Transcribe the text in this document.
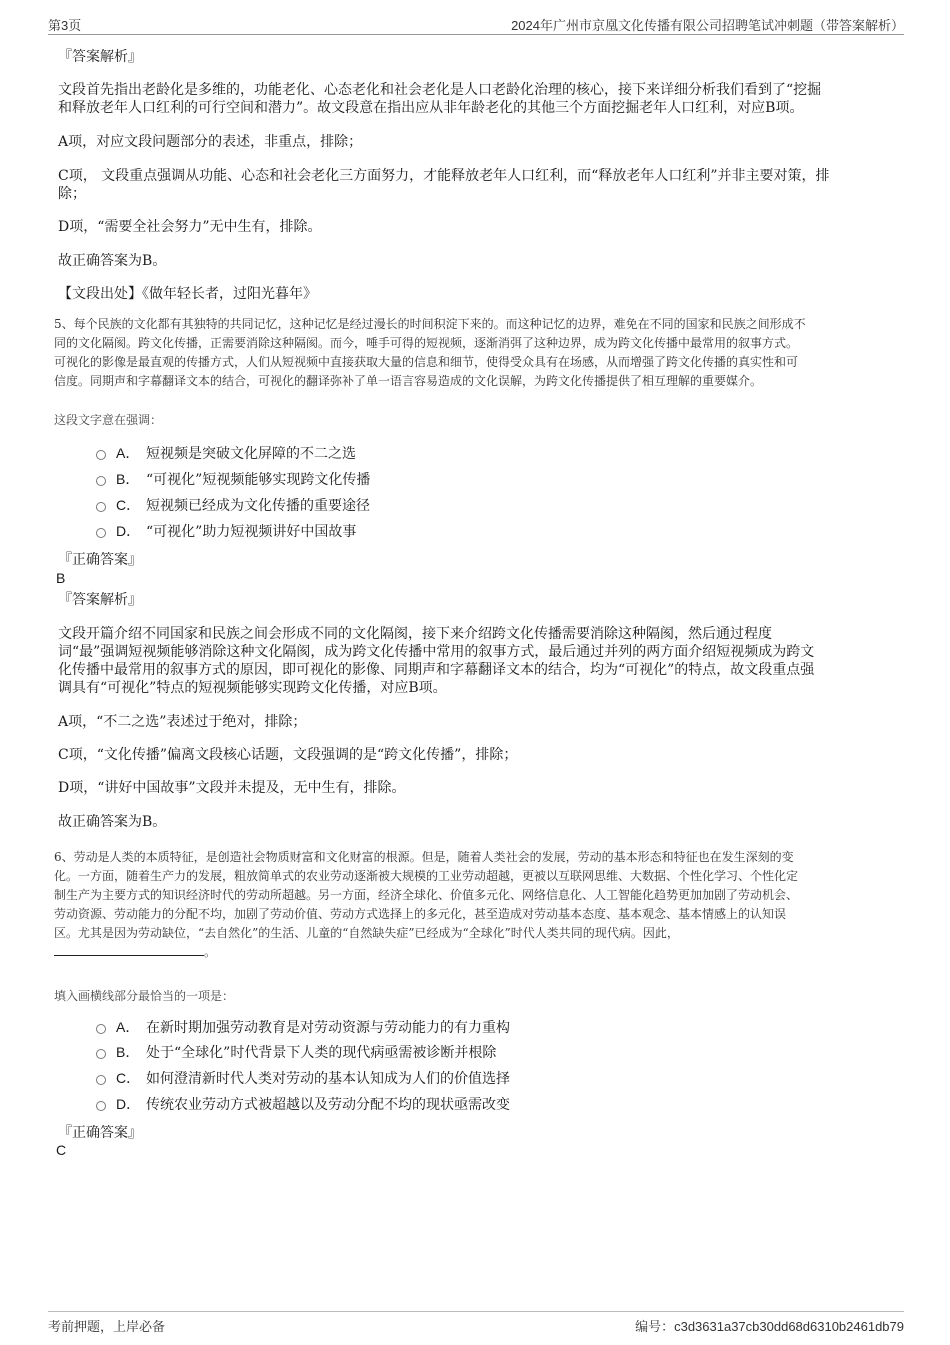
第3页	2024年广州市京凰文化传播有限公司招聘笔试冲刺题（带答案解析）
『答案解析』
文段首先指出老龄化是多维的，功能老化、心态老化和社会老化是人口老龄化治理的核心，接下来详细分析我们看到了“挖掘
和释放老年人口红利的可行空间和潜力”。故文段意在指出应从非年龄老化的其他三个方面挖掘老年人口红利，对应B项。
A项，对应文段问题部分的表述，非重点，排除；
C项， 文段重点强调从功能、心态和社会老化三方面努力，才能释放老年人口红利，而“释放老年人口红利”并非主要对策，排
除；
D项，“需要全社会努力”无中生有，排除。
故正确答案为B。
【文段出处】《做年轻长者，过阳光暮年》
5、每个民族的文化都有其独特的共同记忆，这种记忆是经过漫长的时间积淀下来的。而这种记忆的边界，难免在不同的国家和民族之间形成不
同的文化隔阂。跨文化传播，正需要消除这种隔阂。而今，唾手可得的短视频，逐渐消弭了这种边界，成为跨文化传播中最常用的叙事方式。
可视化的影像是最直观的传播方式，人们从短视频中直接获取大量的信息和细节，使得受众具有在场感，从而增强了跨文化传播的真实性和可
信度。同期声和字幕翻译文本的结合，可视化的翻译弥补了单一语言容易造成的文化误解，为跨文化传播提供了相互理解的重要媒介。
这段文字意在强调：
A． 短视频是突破文化屏障的不二之选
B． “可视化”短视频能够实现跨文化传播
C． 短视频已经成为文化传播的重要途径
D． “可视化”助力短视频讲好中国故事
『正确答案』
B
『答案解析』
文段开篇介绍不同国家和民族之间会形成不同的文化隔阂，接下来介绍跨文化传播需要消除这种隔阂，然后通过程度
词“最”强调短视频能够消除这种文化隔阂，成为跨文化传播中常用的叙事方式，最后通过并列的两方面介绍短视频成为跨文
化传播中最常用的叙事方式的原因，即可视化的影像、同期声和字幕翻译文本的结合，均为“可视化”的特点，故文段重点强
调具有“可视化”特点的短视频能够实现跨文化传播，对应B项。
A项，“不二之选”表述过于绝对，排除；
C项，“文化传播”偏离文段核心话题，文段强调的是“跨文化传播”，排除；
D项，“讲好中国故事”文段并未提及，无中生有，排除。
故正确答案为B。
6、劳动是人类的本质特征，是创造社会物质财富和文化财富的根源。但是，随着人类社会的发展，劳动的基本形态和特征也在发生深刻的变
化。一方面，随着生产力的发展，粗放简单式的农业劳动逐渐被大规模的工业劳动超越，更被以互联网思维、大数据、个性化学习、个性化定
制生产为主要方式的知识经济时代的劳动所超越。另一方面，经济全球化、价值多元化、网络信息化、人工智能化趋势更加加剧了劳动机会、
劳动资源、劳动能力的分配不均，加剧了劳动价值、劳动方式选择上的多元化，甚至造成对劳动基本态度、基本观念、基本情感上的认知误
区。尤其是因为劳动缺位，“去自然化”的生活、儿童的“自然缺失症”已经成为“全球化”时代人类共同的现代病。因此，
。
填入画横线部分最恰当的一项是：
A． 在新时期加强劳动教育是对劳动资源与劳动能力的有力重构
B． 处于“全球化”时代背景下人类的现代病亟需被诊断并根除
C． 如何澄清新时代人类对劳动的基本认知成为人们的价值选择
D． 传统农业劳动方式被超越以及劳动分配不均的现状亟需改变
『正确答案』
C
考前押题，上岸必备	编号：c3d3631a37cb30dd68d6310b2461db79
